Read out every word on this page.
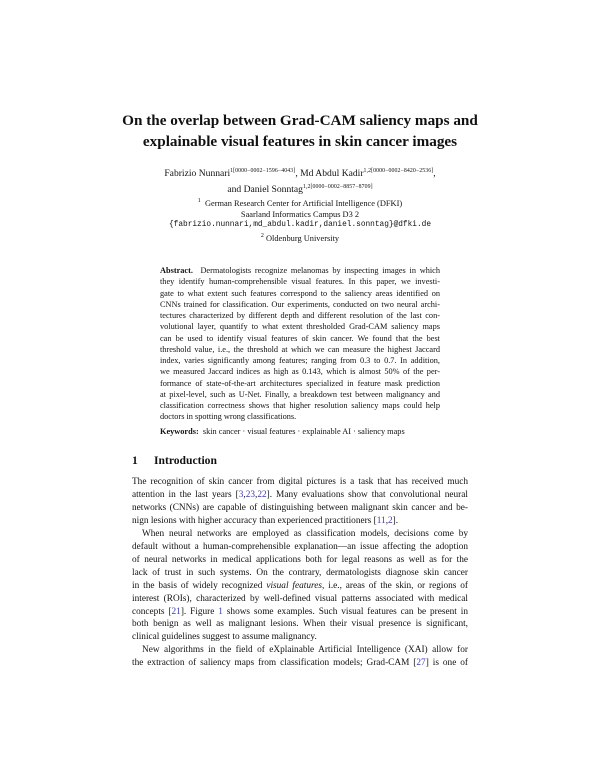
On the overlap between Grad-CAM saliency maps and
explainable visual features in skin cancer images
Fabrizio Nunnari$^{1[0000-0002-1596-4043]}$, Md Abdul Kadir$^{1,2[0000-0002-8420-2536]}$,
and Daniel Sonntag$^{1,2[0000-0002-8857-8709]}$
$^1$ German Research Center for Artificial Intelligence (DFKI)
Saarland Informatics Campus D3 2
{fabrizio.nunnari,md_abdul.kadir,daniel.sonntag}@dfki.de
$^2$ Oldenburg University
Abstract.  Dermatologists recognize melanomas by inspecting images in which
they identify human-comprehensible visual features. In this paper, we investi-
gate to what extent such features correspond to the saliency areas identified on
CNNs trained for classification. Our experiments, conducted on two neural archi-
tectures characterized by different depth and different resolution of the last con-
volutional layer, quantify to what extent thresholded Grad-CAM saliency maps
can be used to identify visual features of skin cancer. We found that the best
threshold value, i.e., the threshold at which we can measure the highest Jaccard
index, varies significantly among features; ranging from 0.3 to 0.7. In addition,
we measured Jaccard indices as high as 0.143, which is almost 50% of the per-
formance of state-of-the-art architectures specialized in feature mask prediction
at pixel-level, such as U-Net. Finally, a breakdown test between malignancy and
classification correctness shows that higher resolution saliency maps could help
doctors in spotting wrong classifications.
Keywords: skin cancer · visual features · explainable AI · saliency maps
1 Introduction
The recognition of skin cancer from digital pictures is a task that has received much
attention in the last years [3,23,22]. Many evaluations show that convolutional neural
networks (CNNs) are capable of distinguishing between malignant skin cancer and be-
nign lesions with higher accuracy than experienced practitioners [11,2].
When neural networks are employed as classification models, decisions come by
default without a human-comprehensible explanation—an issue affecting the adoption
of neural networks in medical applications both for legal reasons as well as for the
lack of trust in such systems. On the contrary, dermatologists diagnose skin cancer
in the basis of widely recognized visual features, i.e., areas of the skin, or regions of
interest (ROIs), characterized by well-defined visual patterns associated with medical
concepts [21]. Figure 1 shows some examples. Such visual features can be present in
both benign as well as malignant lesions. When their visual presence is significant,
clinical guidelines suggest to assume malignancy.
New algorithms in the field of eXplainable Artificial Intelligence (XAI) allow for
the extraction of saliency maps from classification models; Grad-CAM [27] is one of
